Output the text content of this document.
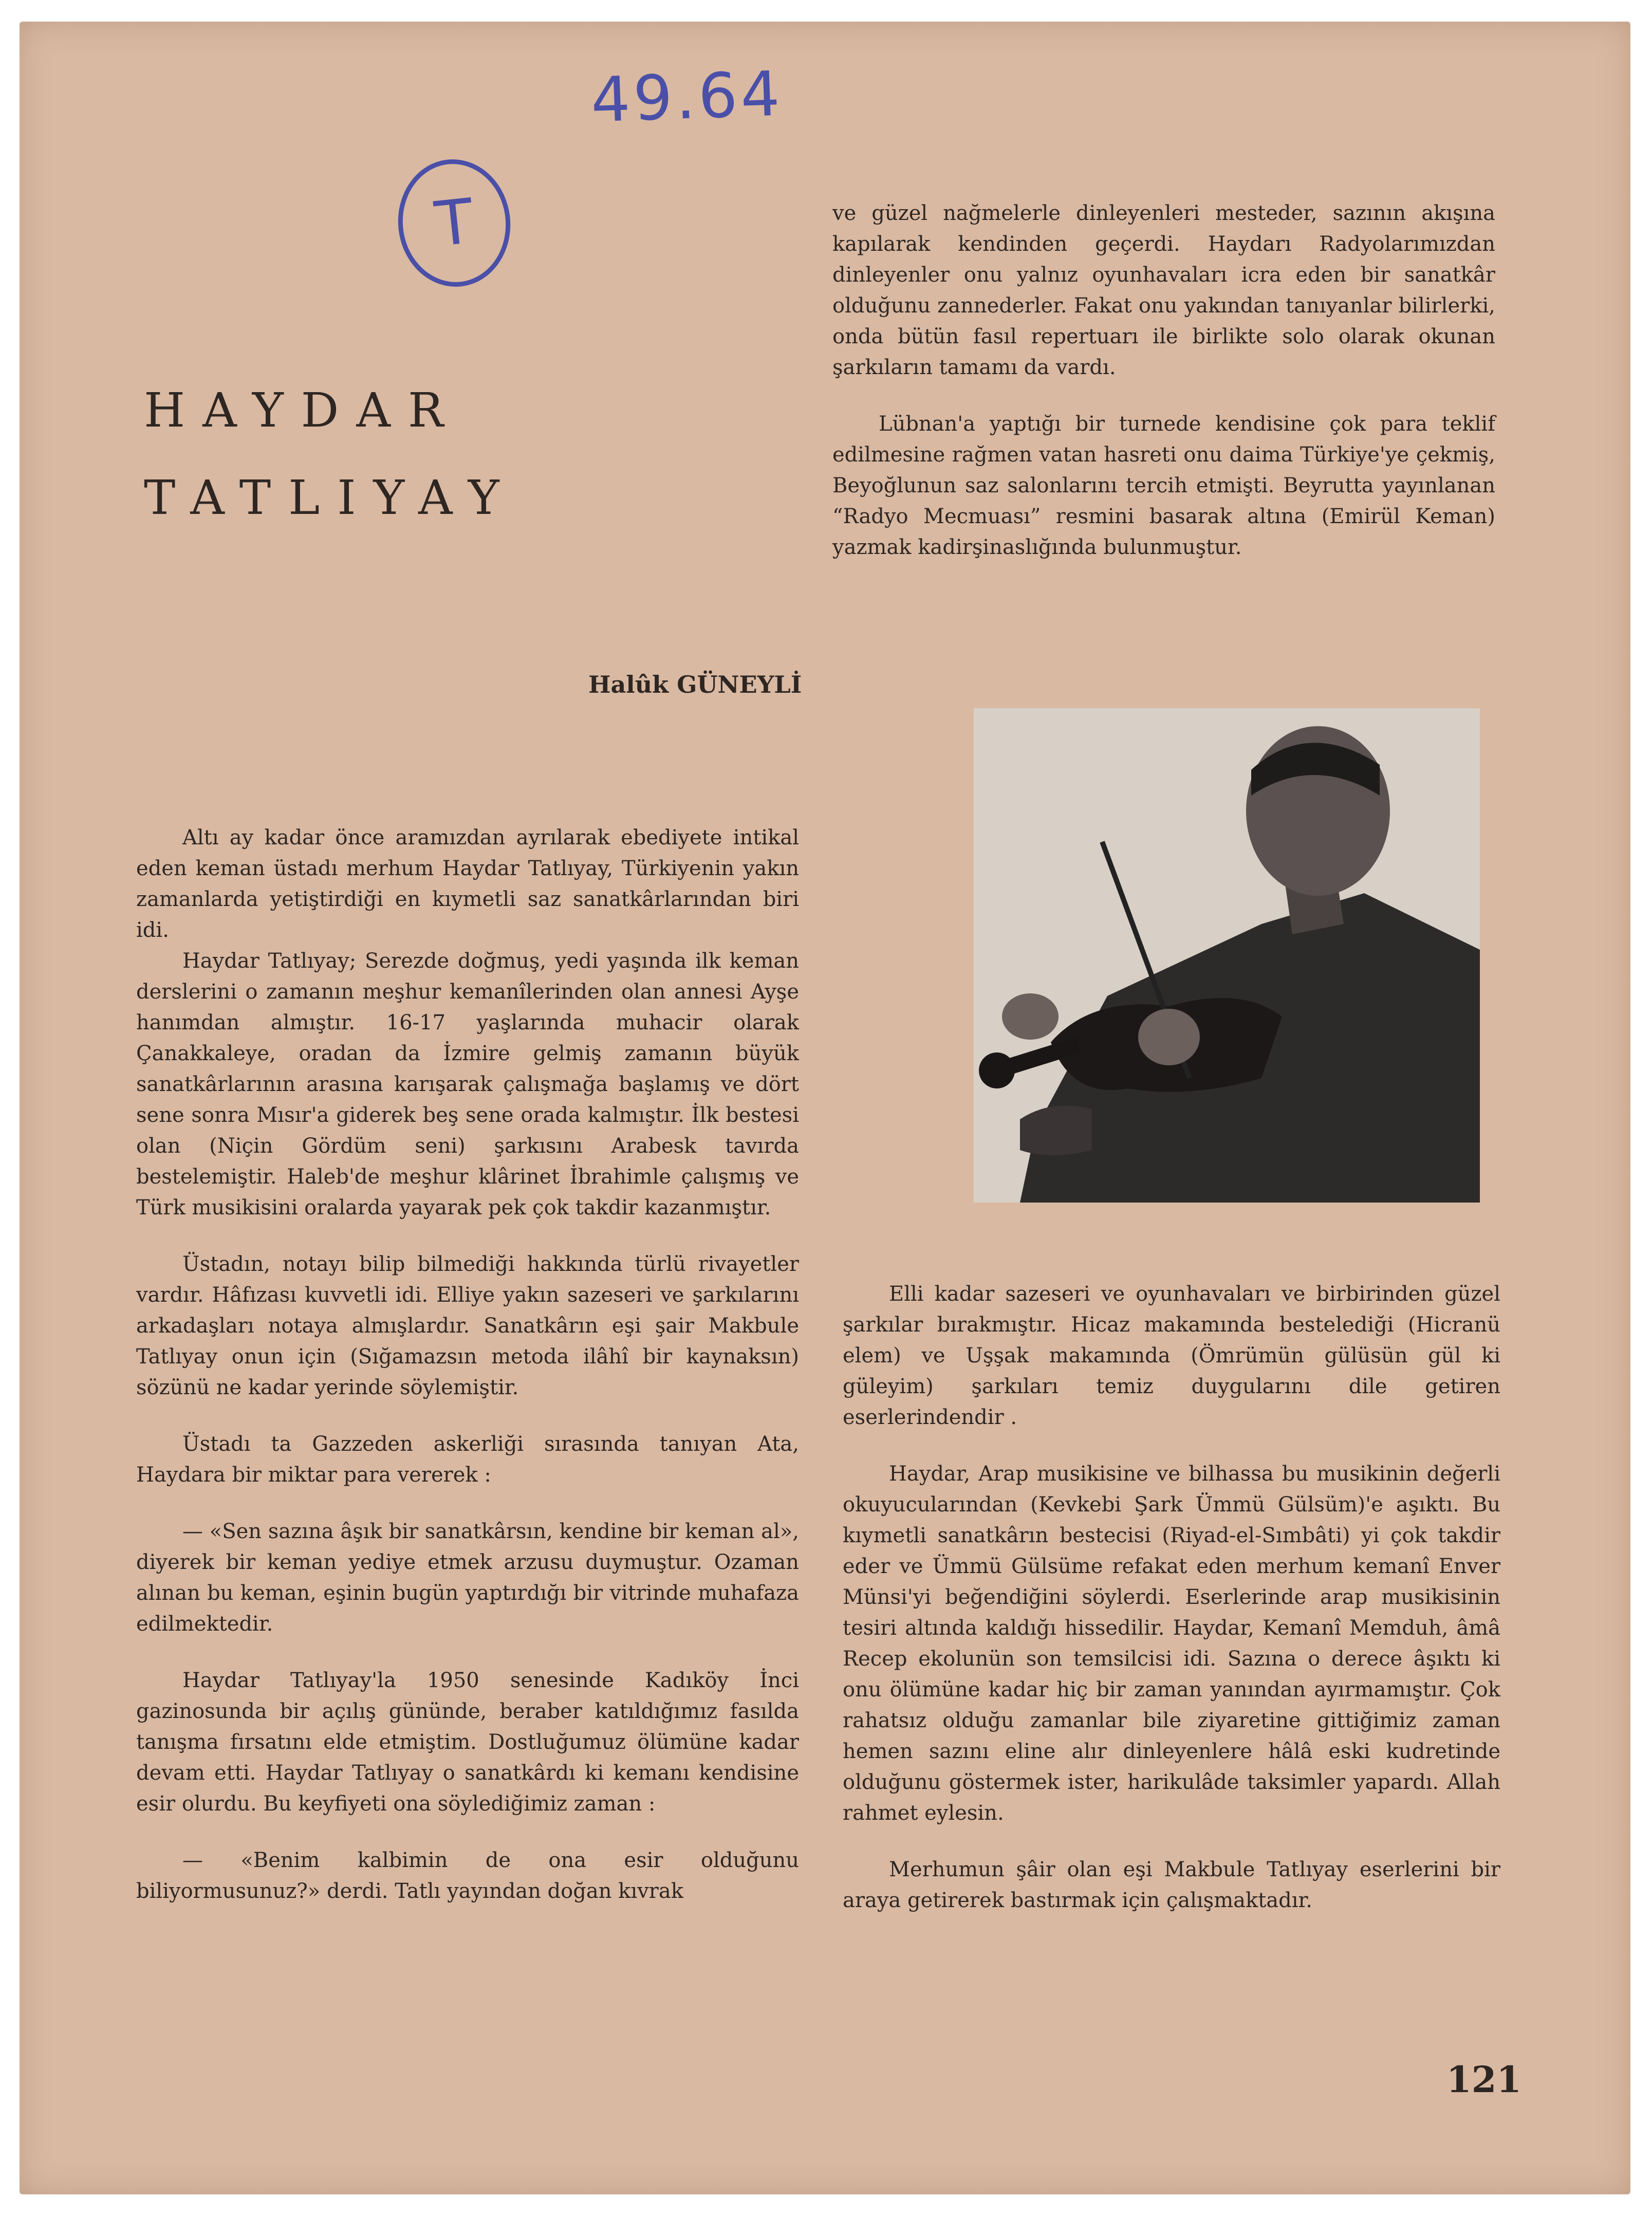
49.64
T
HAYDAR
TATLIYAY
Halûk GÜNEYLİ

Altı ay kadar önce aramızdan ayrılarak ebediyete intikal eden keman üstadı merhum Haydar Tatlıyay, Türkiyenin yakın zamanlarda yetiştirdiği en kıymetli saz sanatkârlarından biri idi.

Haydar Tatlıyay; Serezde doğmuş, yedi yaşında ilk keman derslerini o zamanın meşhur kemanîlerinden olan annesi Ayşe hanımdan almıştır. 16-17 yaşlarında muhacir olarak Çanakkaleye, oradan da İzmire gelmiş zamanın büyük sanatkârlarının arasına karışarak çalışmağa başlamış ve dört sene sonra Mısır'a giderek beş sene orada kalmıştır. İlk bestesi olan (Niçin Gördüm seni) şarkısını Arabesk tavırda bestelemiştir. Haleb'de meşhur klârinet İbrahimle çalışmış ve Türk musikisini oralarda yayarak pek çok takdir kazanmıştır.

Üstadın, notayı bilip bilmediği hakkında türlü rivayetler vardır. Hâfızası kuvvetli idi. Elliye yakın sazeseri ve şarkılarını arkadaşları notaya almışlardır. Sanatkârın eşi şair Makbule Tatlıyay onun için (Sığamazsın metoda ilâhî bir kaynaksın) sözünü ne kadar yerinde söylemiştir.

Üstadı ta Gazzeden askerliği sırasında tanıyan Ata, Haydara bir miktar para vererek :

— «Sen sazına âşık bir sanatkârsın, kendine bir keman al», diyerek bir keman yediye etmek arzusu duymuştur. Ozaman alınan bu keman, eşinin bugün yaptırdığı bir vitrinde muhafaza edilmektedir.

Haydar Tatlıyay'la 1950 senesinde Kadıköy İnci gazinosunda bir açılış gününde, beraber katıldığımız fasılda tanışma fırsatını elde etmiştim. Dostluğumuz ölümüne kadar devam etti. Haydar Tatlıyay o sanatkârdı ki kemanı kendisine esir olurdu. Bu keyfiyeti ona söylediğimiz zaman :

— «Benim kalbimin de ona esir olduğunu biliyormusunuz?» derdi. Tatlı yayından doğan kıvrak

ve güzel nağmelerle dinleyenleri mesteder, sazının akışına kapılarak kendinden geçerdi. Haydarı Radyolarımızdan dinleyenler onu yalnız oyunhavaları icra eden bir sanatkâr olduğunu zannederler. Fakat onu yakından tanıyanlar bilirlerki, onda bütün fasıl repertuarı ile birlikte solo olarak okunan şarkıların tamamı da vardı.

Lübnan'a yaptığı bir turnede kendisine çok para teklif edilmesine rağmen vatan hasreti onu daima Türkiye'ye çekmiş, Beyoğlunun saz salonlarını tercih etmişti. Beyrutta yayınlanan “Radyo Mecmuası” resmini basarak altına (Emirül Keman) yazmak kadirşinaslığında bulunmuştur.

Elli kadar sazeseri ve oyunhavaları ve birbirinden güzel şarkılar bırakmıştır. Hicaz makamında bestelediği (Hicranü elem) ve Uşşak makamında (Ömrümün gülüsün gül ki güleyim) şarkıları temiz duygularını dile getiren eserlerindendir .

Haydar, Arap musikisine ve bilhassa bu musikinin değerli okuyucularından (Kevkebi Şark Ümmü Gülsüm)'e aşıktı. Bu kıymetli sanatkârın bestecisi (Riyad-el-Sımbâti) yi çok takdir eder ve Ümmü Gülsüme refakat eden merhum kemanî Enver Münsi'yi beğendiğini söylerdi. Eserlerinde arap musikisinin tesiri altında kaldığı hissedilir. Haydar, Kemanî Memduh, âmâ Recep ekolunün son temsilcisi idi. Sazına o derece âşıktı ki onu ölümüne kadar hiç bir zaman yanından ayırmamıştır. Çok rahatsız olduğu zamanlar bile ziyaretine gittiğimiz zaman hemen sazını eline alır dinleyenlere hâlâ eski kudretinde olduğunu göstermek ister, harikulâde taksimler yapardı. Allah rahmet eylesin.

Merhumun şâir olan eşi Makbule Tatlıyay eserlerini bir araya getirerek bastırmak için çalışmaktadır.

121
